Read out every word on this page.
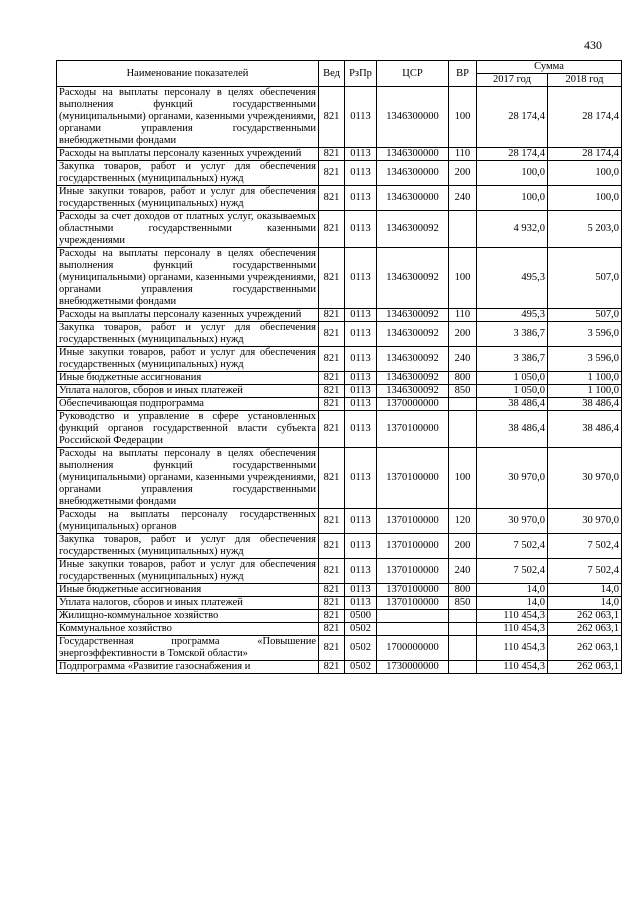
430
Наименование показателей	Вед	РзПр	ЦСР	ВР	Сумма	
					2017 год	2018 год
Расходы на выплаты персоналу в целях обеспечения выполнения функций государственными (муниципальными) органами, казенными учреждениями, органами управления государственными внебюджетными фондами	821	0113	1346300000	100	28 174,4	28 174,4
Расходы на выплаты персоналу казенных учреждений	821	0113	1346300000	110	28 174,4	28 174,4
Закупка товаров, работ и услуг для обеспечения государственных (муниципальных) нужд	821	0113	1346300000	200	100,0	100,0
Иные закупки товаров, работ и услуг для обеспечения государственных (муниципальных) нужд	821	0113	1346300000	240	100,0	100,0
Расходы за счет доходов от платных услуг, оказываемых областными государственными казенными учреждениями	821	0113	1346300092		4 932,0	5 203,0
Расходы на выплаты персоналу в целях обеспечения выполнения функций государственными (муниципальными) органами, казенными учреждениями, органами управления государственными внебюджетными фондами	821	0113	1346300092	100	495,3	507,0
Расходы на выплаты персоналу казенных учреждений	821	0113	1346300092	110	495,3	507,0
Закупка товаров, работ и услуг для обеспечения государственных (муниципальных) нужд	821	0113	1346300092	200	3 386,7	3 596,0
Иные закупки товаров, работ и услуг для обеспечения государственных (муниципальных) нужд	821	0113	1346300092	240	3 386,7	3 596,0
Иные бюджетные ассигнования	821	0113	1346300092	800	1 050,0	1 100,0
Уплата налогов, сборов и иных платежей	821	0113	1346300092	850	1 050,0	1 100,0
Обеспечивающая подпрограмма	821	0113	1370000000		38 486,4	38 486,4
Руководство и управление в сфере установленных функций органов государственной власти субъекта Российской Федерации	821	0113	1370100000		38 486,4	38 486,4
Расходы на выплаты персоналу в целях обеспечения выполнения функций государственными (муниципальными) органами, казенными учреждениями, органами управления государственными внебюджетными фондами	821	0113	1370100000	100	30 970,0	30 970,0
Расходы на выплаты персоналу государственных (муниципальных) органов	821	0113	1370100000	120	30 970,0	30 970,0
Закупка товаров, работ и услуг для обеспечения государственных (муниципальных) нужд	821	0113	1370100000	200	7 502,4	7 502,4
Иные закупки товаров, работ и услуг для обеспечения государственных (муниципальных) нужд	821	0113	1370100000	240	7 502,4	7 502,4
Иные бюджетные ассигнования	821	0113	1370100000	800	14,0	14,0
Уплата налогов, сборов и иных платежей	821	0113	1370100000	850	14,0	14,0
Жилищно-коммунальное хозяйство	821	0500			110 454,3	262 063,1
Коммунальное хозяйство	821	0502			110 454,3	262 063,1
Государственная программа «Повышение энергоэффективности в Томской области»	821	0502	1700000000		110 454,3	262 063,1
Подпрограмма «Развитие газоснабжения и	821	0502	1730000000		110 454,3	262 063,1
